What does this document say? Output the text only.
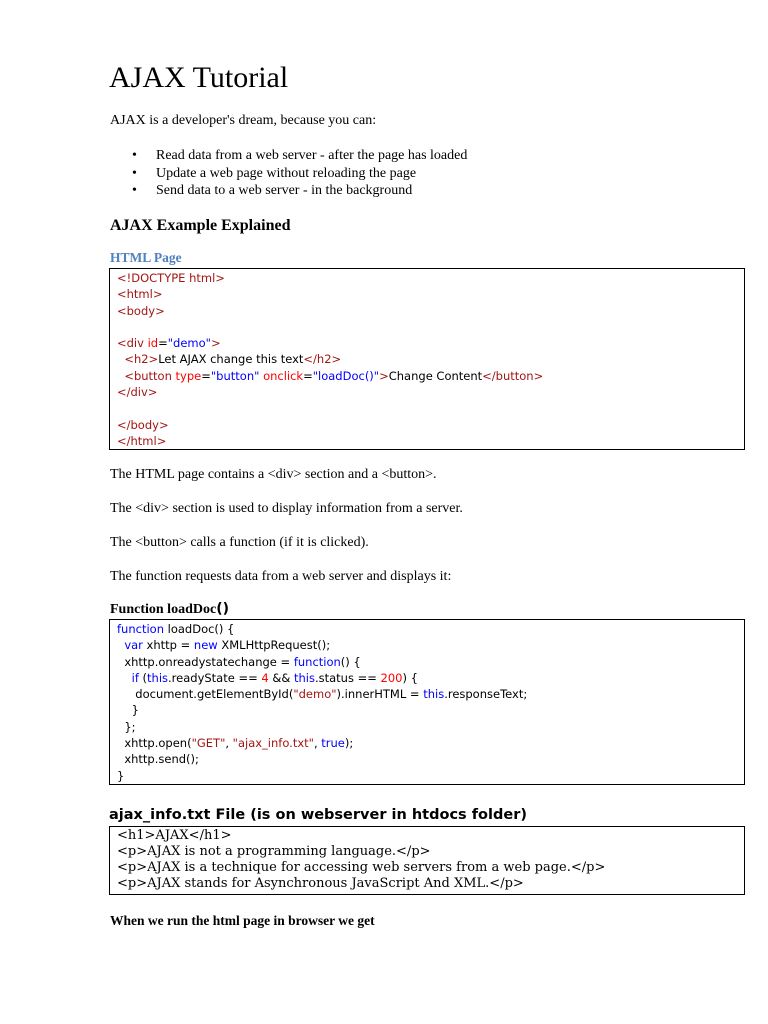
AJAX Tutorial

AJAX is a developer's dream, because you can:

• Read data from a web server - after the page has loaded
• Update a web page without reloading the page
• Send data to a web server - in the background
AJAX Example Explained
HTML Page
<!DOCTYPE html>
<html>
<body>

<div id="demo">
<h2>Let AJAX change this text</h2>
<button type="button" onclick="loadDoc()">Change Content</button>
</div>

</body>
</html>

The HTML page contains a <div> section and a <button>.

The <div> section is used to display information from a server.

The <button> calls a function (if it is clicked).

The function requests data from a web server and displays it:

Function loadDoc()
function loadDoc() {
var xhttp = new XMLHttpRequest();
xhttp.onreadystatechange = function() {
if (this.readyState == 4 && this.status == 200) {
document.getElementById("demo").innerHTML = this.responseText;
}
};
xhttp.open("GET", "ajax_info.txt", true);
xhttp.send();
}
ajax_info.txt File (is on webserver in htdocs folder)
<h1>AJAX</h1>
<p>AJAX is not a programming language.</p>
<p>AJAX is a technique for accessing web servers from a web page.</p>
<p>AJAX stands for Asynchronous JavaScript And XML.</p>
When we run the html page in browser we get
